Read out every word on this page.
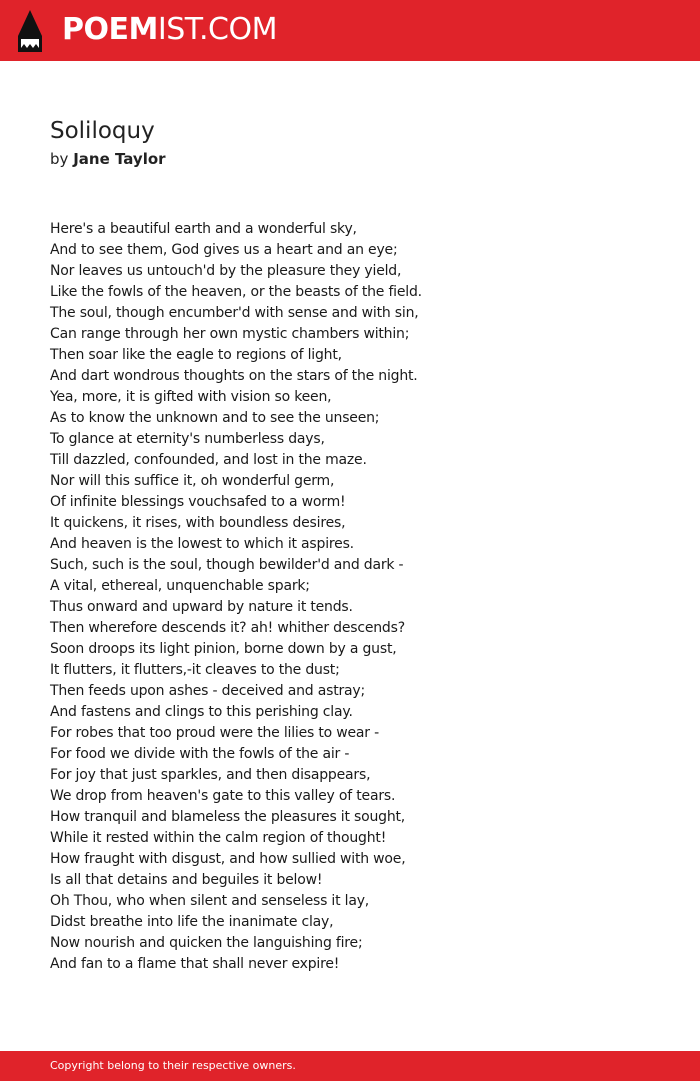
POEMIST.COM
Soliloquy
by Jane Taylor
Here's a beautiful earth and a wonderful sky,
And to see them, God gives us a heart and an eye;
Nor leaves us untouch'd by the pleasure they yield,
Like the fowls of the heaven, or the beasts of the field.
The soul, though encumber'd with sense and with sin,
Can range through her own mystic chambers within;
Then soar like the eagle to regions of light,
And dart wondrous thoughts on the stars of the night.
Yea, more, it is gifted with vision so keen,
As to know the unknown and to see the unseen;
To glance at eternity's numberless days,
Till dazzled, confounded, and lost in the maze.
Nor will this suffice it, oh wonderful germ,
Of infinite blessings vouchsafed to a worm!
It quickens, it rises, with boundless desires,
And heaven is the lowest to which it aspires.
Such, such is the soul, though bewilder'd and dark -
A vital, ethereal, unquenchable spark;
Thus onward and upward by nature it tends.
Then wherefore descends it? ah! whither descends?
Soon droops its light pinion, borne down by a gust,
It flutters, it flutters,-it cleaves to the dust;
Then feeds upon ashes - deceived and astray;
And fastens and clings to this perishing clay.
For robes that too proud were the lilies to wear -
For food we divide with the fowls of the air -
For joy that just sparkles, and then disappears,
We drop from heaven's gate to this valley of tears.
How tranquil and blameless the pleasures it sought,
While it rested within the calm region of thought!
How fraught with disgust, and how sullied with woe,
Is all that detains and beguiles it below!
Oh Thou, who when silent and senseless it lay,
Didst breathe into life the inanimate clay,
Now nourish and quicken the languishing fire;
And fan to a flame that shall never expire!
Copyright belong to their respective owners.
